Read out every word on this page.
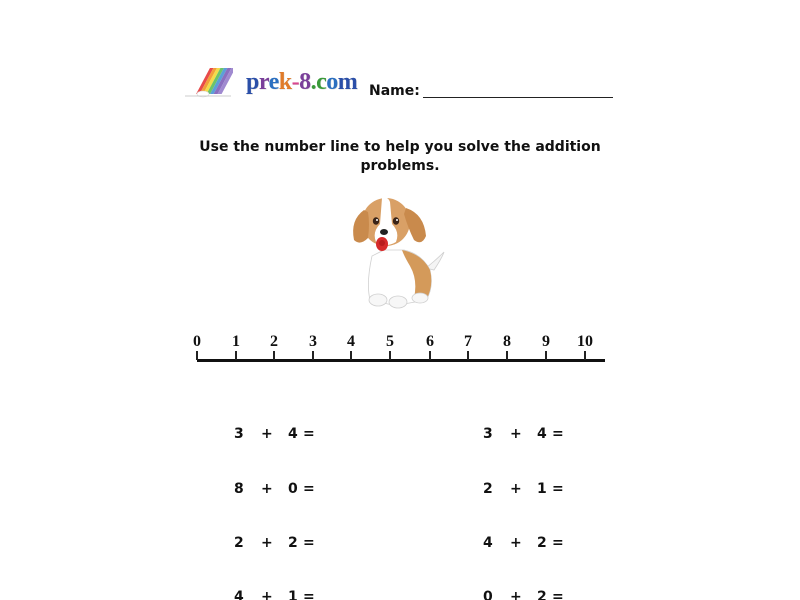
prek-8.com Name:
Use the number line to help you solve the addition problems.
0 1 2 3 4 5 6 7 8 9 10
3 + 4 =
8 + 0 =
2 + 2 =
4 + 1 =
3 + 4 =
2 + 1 =
4 + 2 =
0 + 2 =
